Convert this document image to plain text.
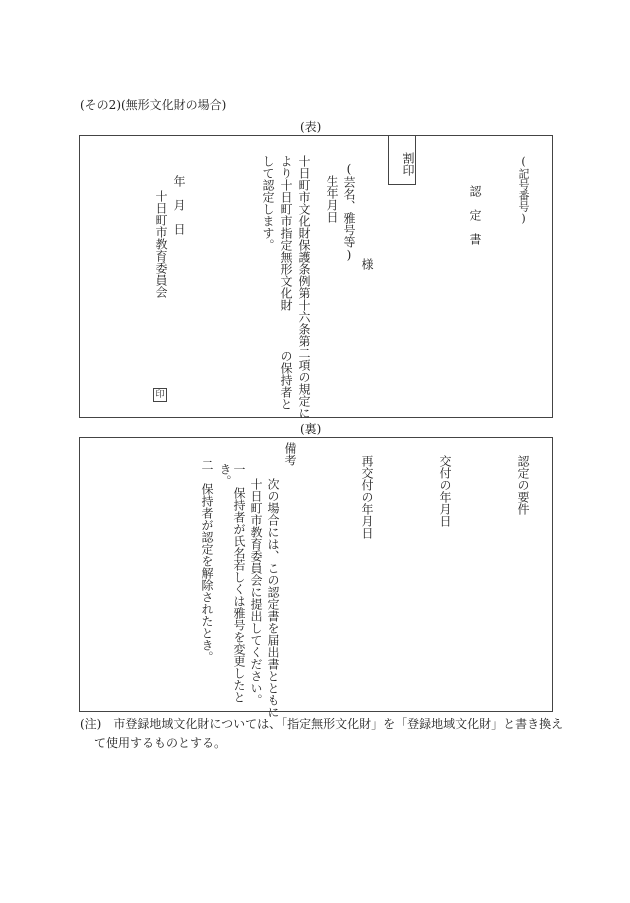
(その2)(無形文化財の場合)
(表)
割印	(記号番号)
認　定　書
(芸名、雅号等)
様
生年月日
十日町市文化財保護条例第十六条第二項の規定に
より十日町市指定無形文化財
の保持者と
して認定します。
年　月　日
十日町市教育委員会
印
(裏)
認定の要件
交付の年月日
再交付の年月日
備考
次の場合には、この認定書を届出書とともに
十日町市教育委員会に提出してください。
一　保持者が氏名若しくは雅号を変更したと
き。
二　保持者が認定を解除されたとき。
(注)　市登録地域文化財については、「指定無形文化財」を「登録地域文化財」と書き換え
て使用するものとする。
